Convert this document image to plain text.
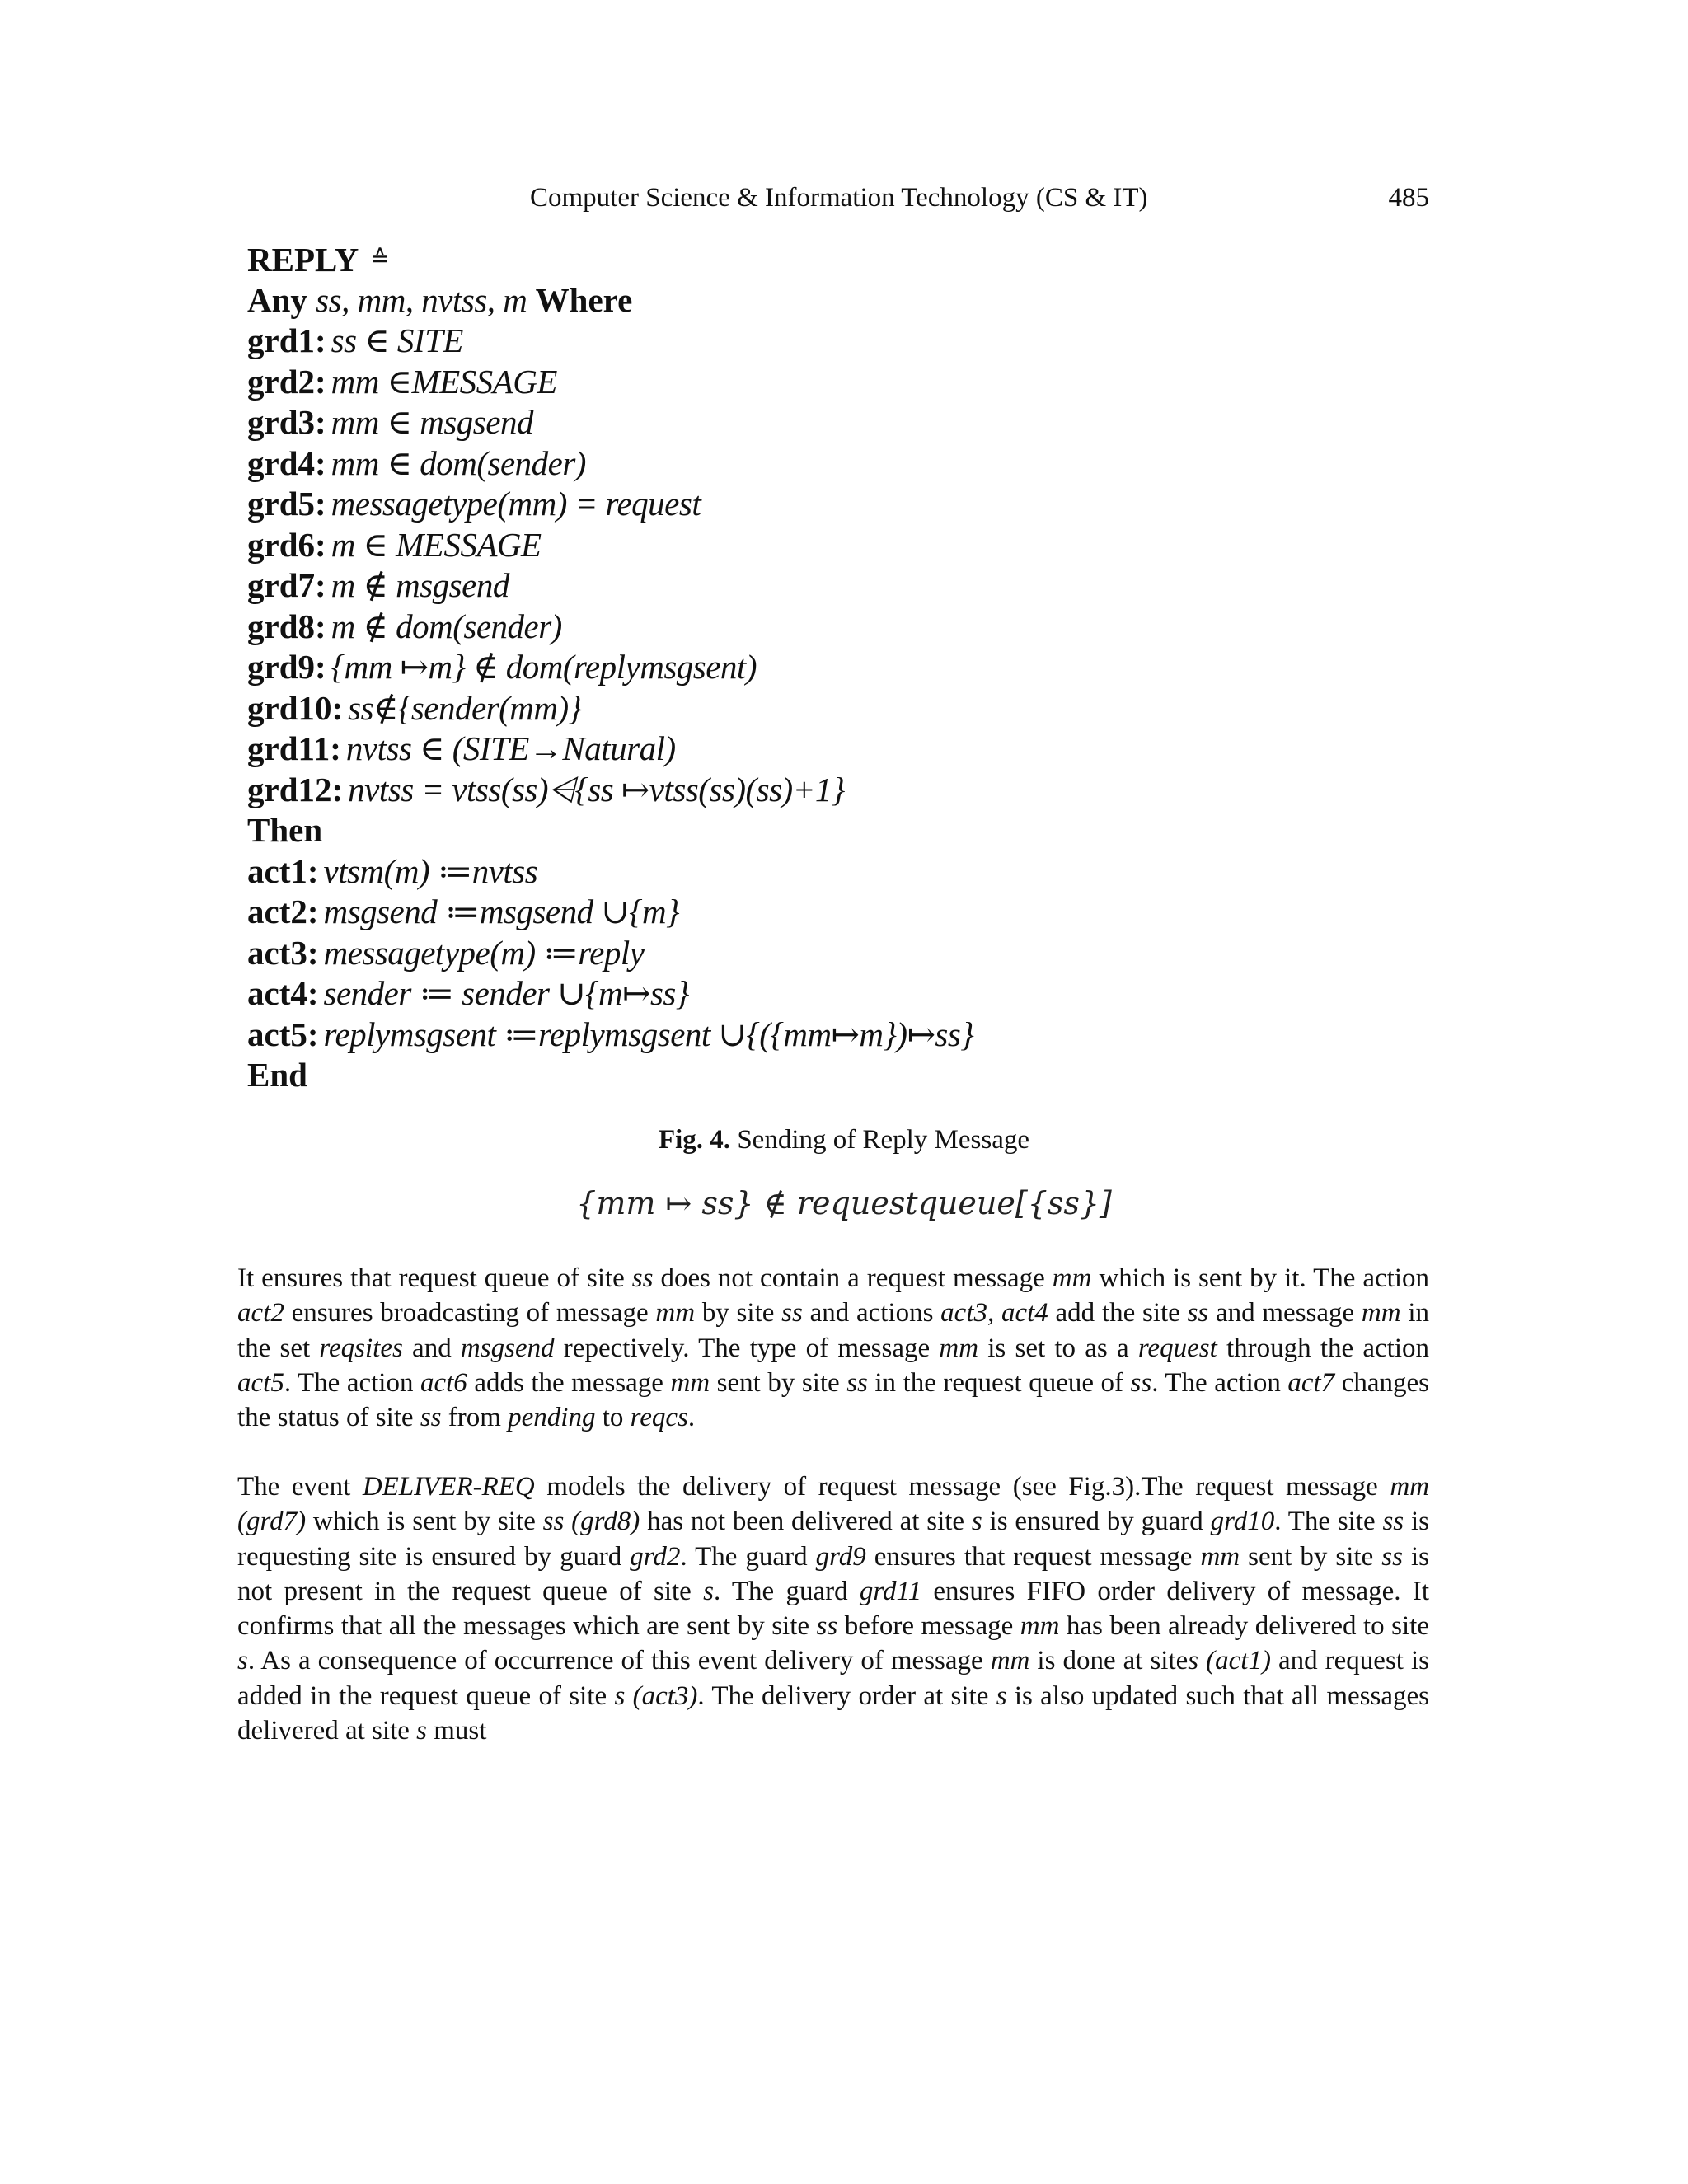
Computer Science & Information Technology (CS & IT)	485
REPLY ≙
Any ss, mm, nvtss, m Where
grd1: ss ∈ SITE
grd2: mm ∈MESSAGE
grd3: mm ∈ msgsend
grd4: mm ∈ dom(sender)
grd5: messagetype(mm) = request
grd6: m ∈ MESSAGE
grd7: m ∉ msgsend
grd8: m ∉ dom(sender)
grd9: {mm ↦m} ∉ dom(replymsgsent)
grd10: ss∉{sender(mm)}
grd11: nvtss ∈ (SITE→Natural)
grd12: nvtss = vtss(ss)⩤{ss ↦vtss(ss)(ss)+1}
Then
act1: vtsm(m) ≔nvtss
act2: msgsend ≔msgsend ∪{m}
act3: messagetype(m) ≔reply
act4: sender ≔ sender ∪{m↦ss}
act5: replymsgsent ≔replymsgsent ∪{({mm↦m})↦ss}
End
Fig. 4. Sending of Reply Message
{mm ↦ ss} ∉ requestqueue[{ss}]
It ensures that request queue of site ss does not contain a request message mm which is sent by it. The action act2 ensures broadcasting of message mm by site ss and actions act3, act4 add the site ss and message mm in the set reqsites and msgsend repectively. The type of message mm is set to as a request through the action act5. The action act6 adds the message mm sent by site ss in the request queue of ss. The action act7 changes the status of site ss from pending to reqcs.
The event DELIVER-REQ models the delivery of request message (see Fig.3).The request message mm (grd7) which is sent by site ss (grd8) has not been delivered at site s is ensured by guard grd10. The site ss is requesting site is ensured by guard grd2. The guard grd9 ensures that request message mm sent by site ss is not present in the request queue of site s. The guard grd11 ensures FIFO order delivery of message. It confirms that all the messages which are sent by site ss before message mm has been already delivered to site s. As a consequence of occurrence of this event delivery of message mm is done at sites (act1) and request is added in the request queue of site s (act3). The delivery order at site s is also updated such that all messages delivered at site s must
